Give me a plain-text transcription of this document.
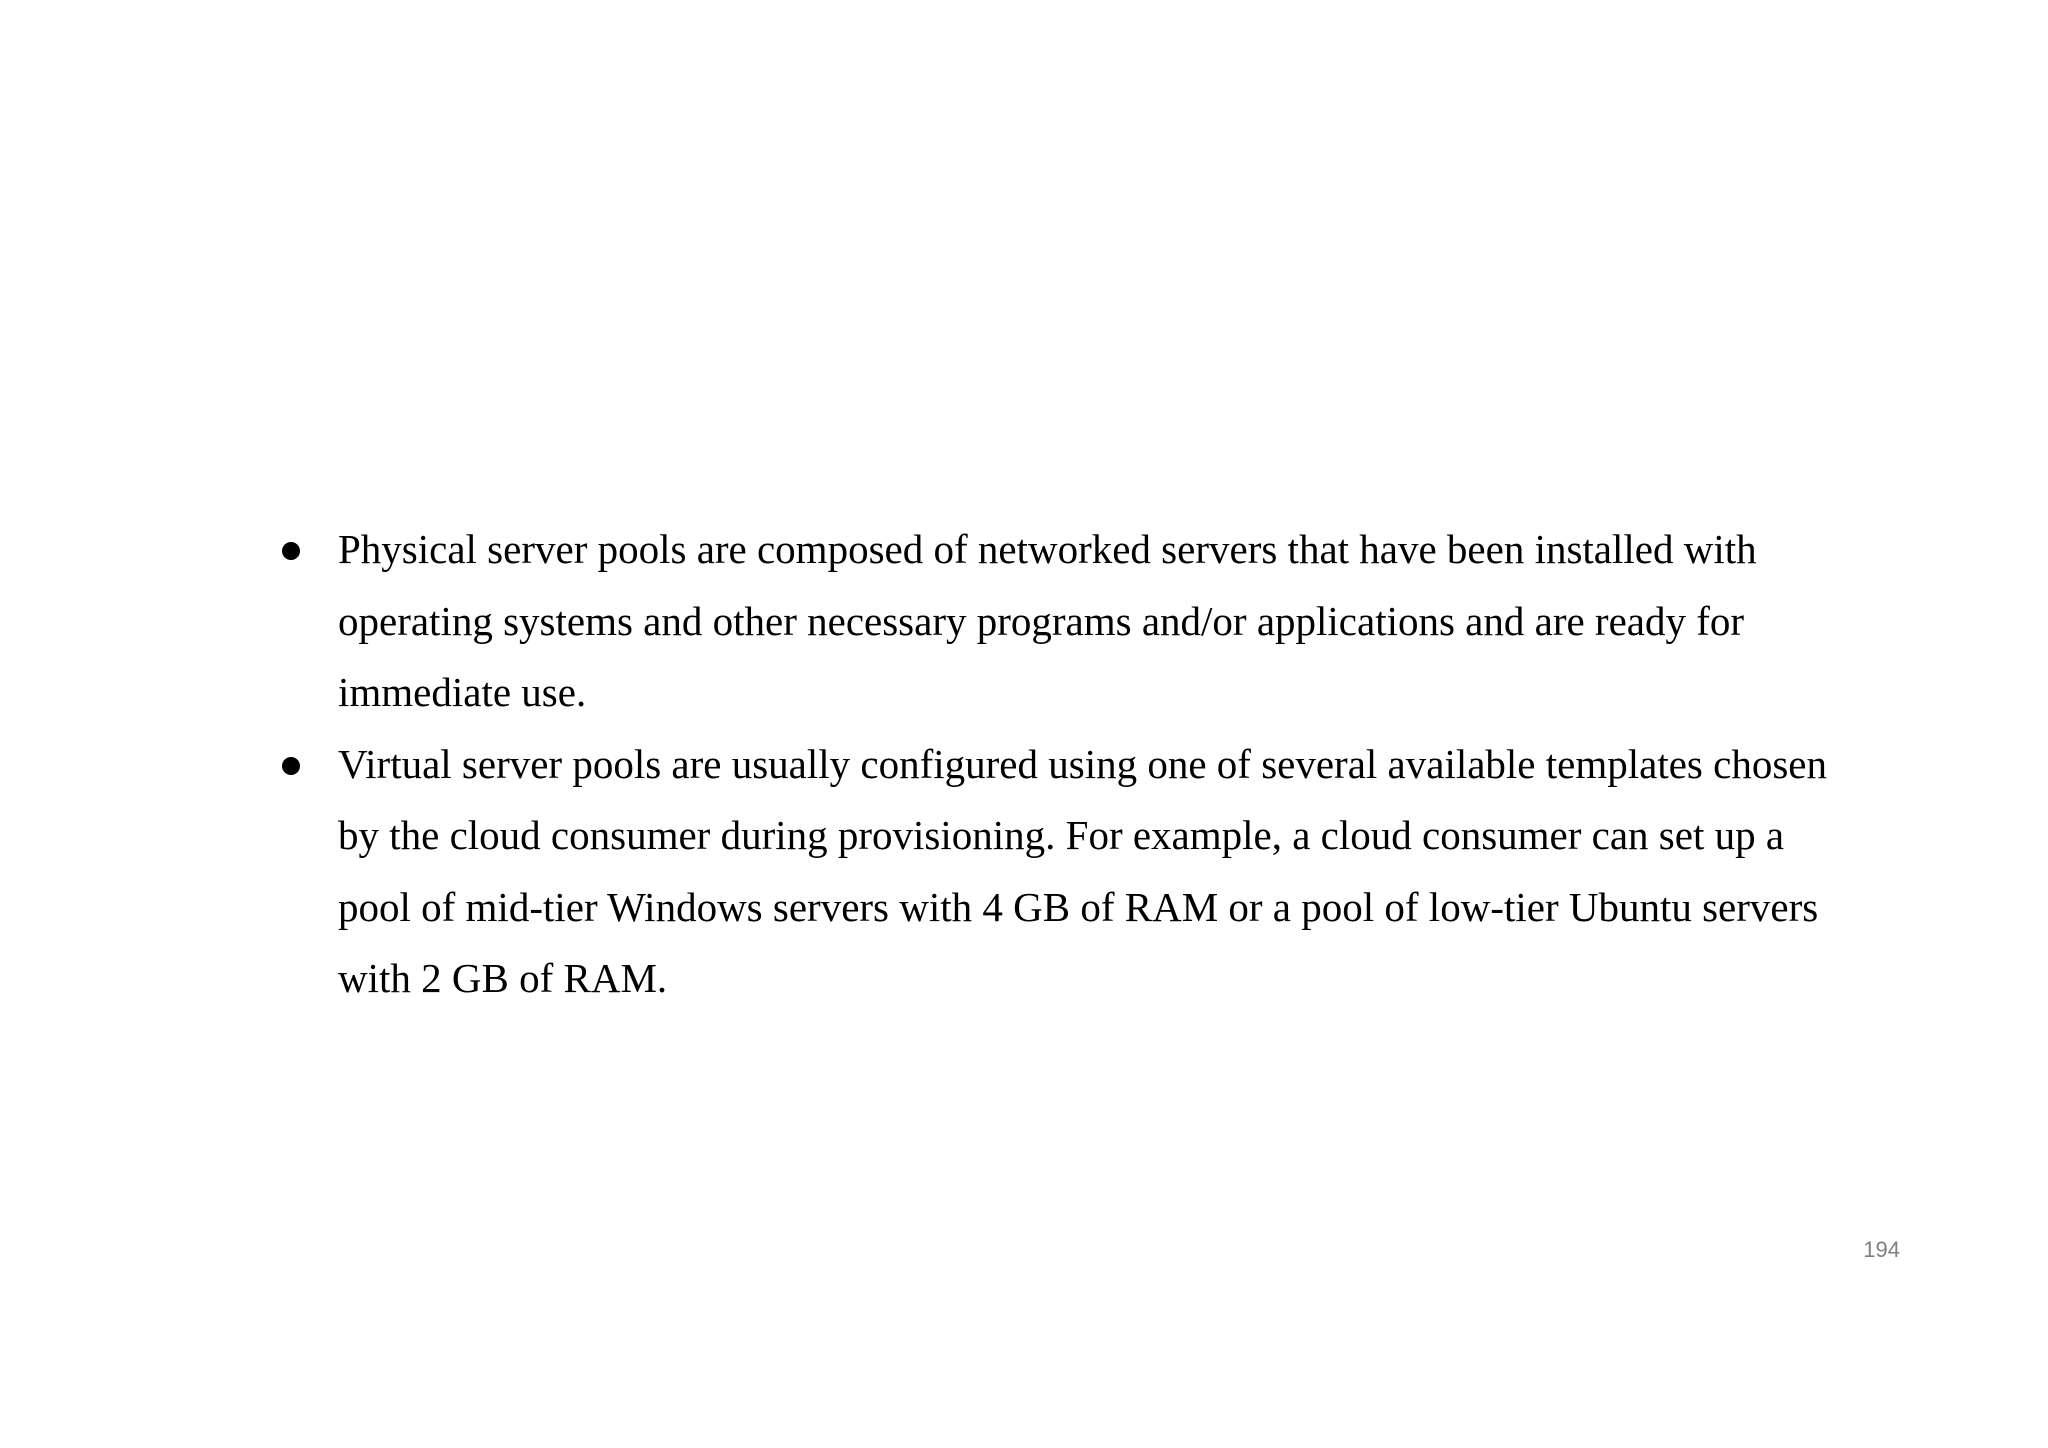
Physical server pools are composed of networked servers that have been installed with operating systems and other necessary programs and/or applications and are ready for immediate use.
Virtual server pools are usually configured using one of several available templates chosen by the cloud consumer during provisioning. For example, a cloud consumer can set up a pool of mid-tier Windows servers with 4 GB of RAM or a pool of low-tier Ubuntu servers with 2 GB of RAM.
194
